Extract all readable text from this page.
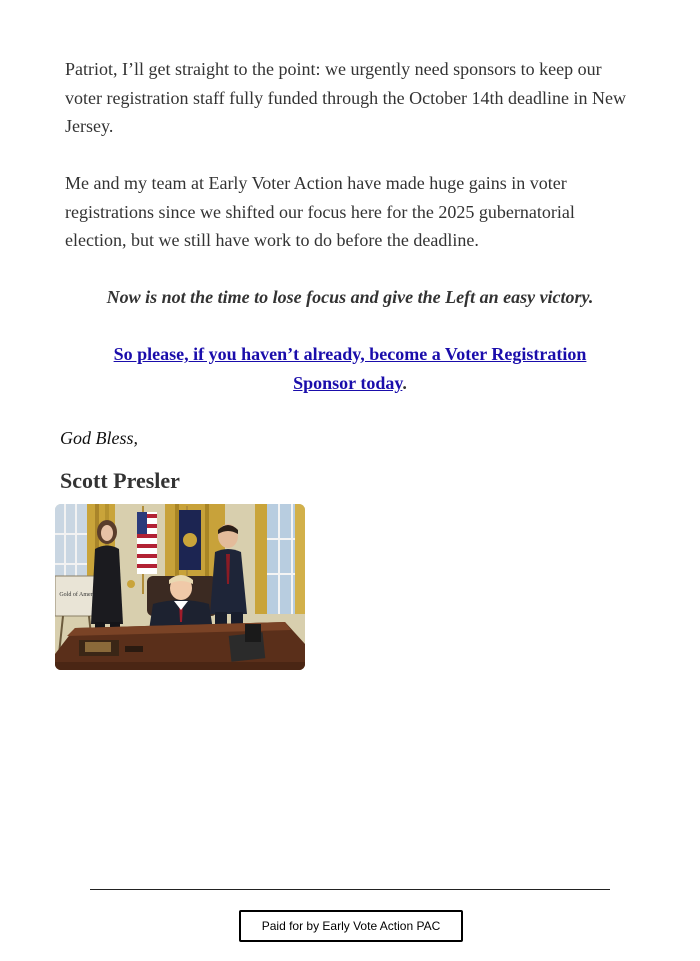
Patriot, I’ll get straight to the point: we urgently need sponsors to keep our voter registration staff fully funded through the October 14th deadline in New Jersey.

Me and my team at Early Voter Action have made huge gains in voter registrations since we shifted our focus here for the 2025 gubernatorial election, but we still have work to do before the deadline.

Now is not the time to lose focus and give the Left an easy victory.

So please, if you haven’t already, become a Voter Registration Sponsor today.

God Bless,

Scott Presler

Gold of Amer

Paid for by Early Vote Action PAC
